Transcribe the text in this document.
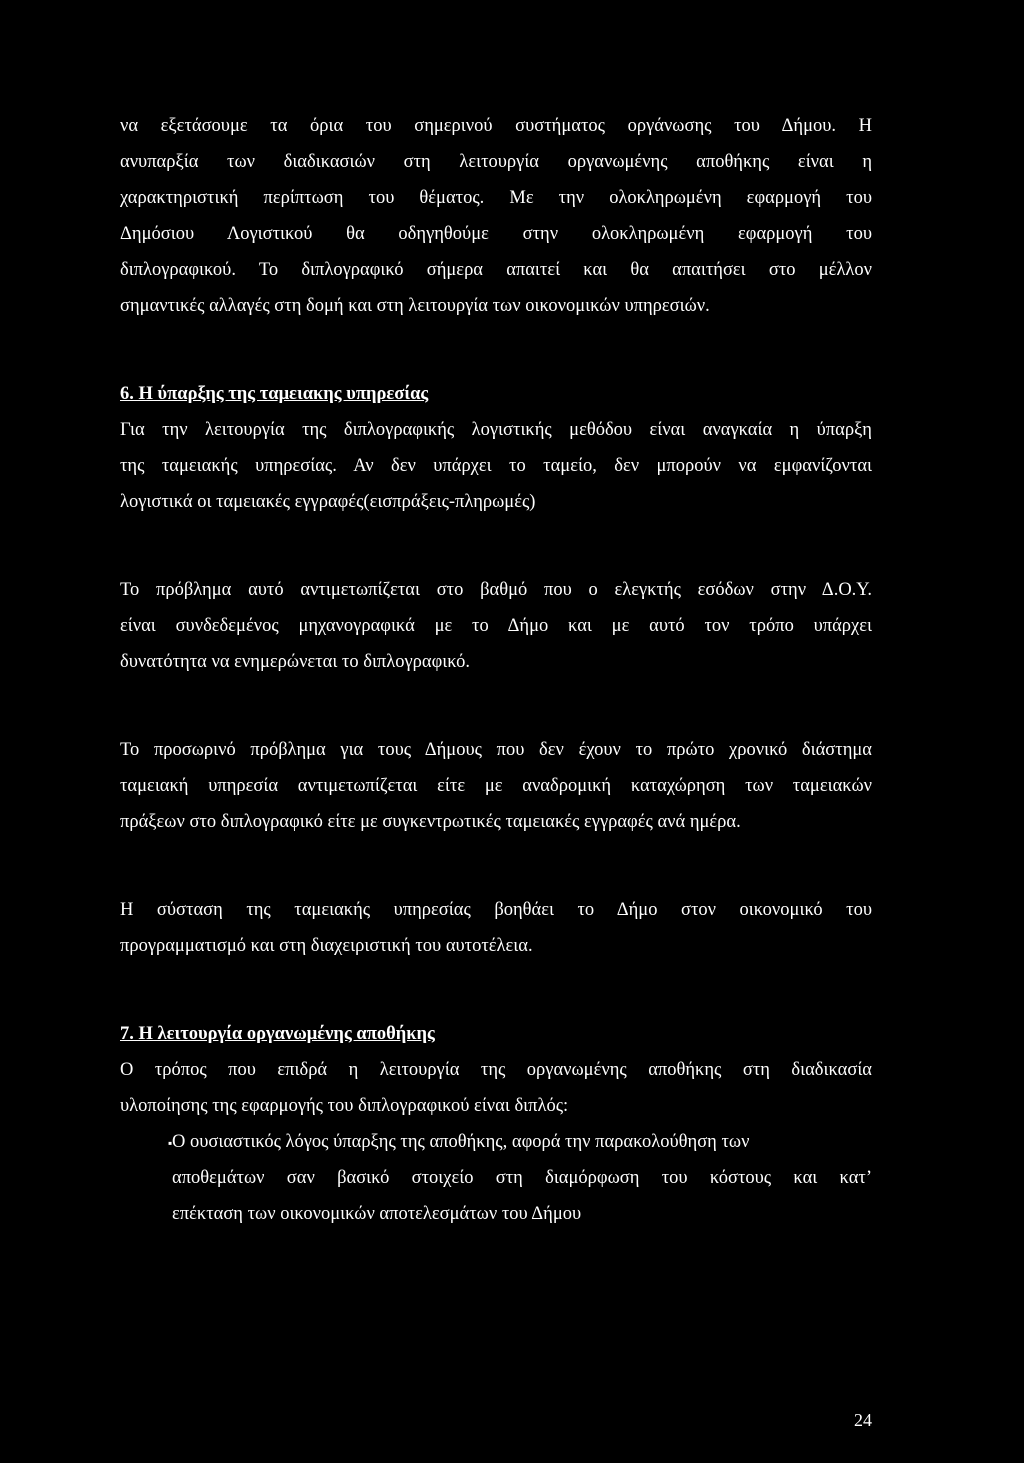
να εξετάσουμε τα όρια του σημερινού συστήματος οργάνωσης του Δήμου. Η
ανυπαρξία των διαδικασιών στη λειτουργία οργανωμένης αποθήκης είναι η
χαρακτηριστική περίπτωση του θέματος. Με την ολοκληρωμένη εφαρμογή του
Δημόσιου Λογιστικού θα οδηγηθούμε στην ολοκληρωμένη εφαρμογή του
διπλογραφικού. Το διπλογραφικό σήμερα απαιτεί και θα απαιτήσει στο μέλλον
σημαντικές αλλαγές στη δομή και στη λειτουργία των οικονομικών υπηρεσιών.
6. Η ύπαρξης της ταμειακης υπηρεσίας
Για την λειτουργία της διπλογραφικής λογιστικής μεθόδου είναι αναγκαία η ύπαρξη
της ταμειακής υπηρεσίας. Αν δεν υπάρχει το ταμείο, δεν μπορούν να εμφανίζονται
λογιστικά οι ταμειακές εγγραφές(εισπράξεις-πληρωμές)
Το πρόβλημα αυτό αντιμετωπίζεται στο βαθμό που ο ελεγκτής εσόδων στην Δ.Ο.Υ.
είναι συνδεδεμένος μηχανογραφικά με το Δήμο και με αυτό τον τρόπο υπάρχει
δυνατότητα να ενημερώνεται το διπλογραφικό.
Το προσωρινό πρόβλημα για τους Δήμους που δεν έχουν το πρώτο χρονικό διάστημα
ταμειακή υπηρεσία αντιμετωπίζεται είτε με αναδρομική καταχώρηση των ταμειακών
πράξεων στο διπλογραφικό είτε με συγκεντρωτικές ταμειακές εγγραφές ανά ημέρα.
Η σύσταση της ταμειακής υπηρεσίας βοηθάει το Δήμο στον οικονομικό του
προγραμματισμό και στη διαχειριστική του αυτοτέλεια.
7. Η λειτουργία οργανωμένης αποθήκης
Ο τρόπος που επιδρά η λειτουργία της οργανωμένης αποθήκης στη διαδικασία
υλοποίησης της εφαρμογής του διπλογραφικού είναι διπλός:
▪ Ο ουσιαστικός λόγος ύπαρξης της αποθήκης, αφορά την παρακολούθηση των
αποθεμάτων σαν βασικό στοιχείο στη διαμόρφωση του κόστους και κατ’
επέκταση των οικονομικών αποτελεσμάτων του Δήμου
24
